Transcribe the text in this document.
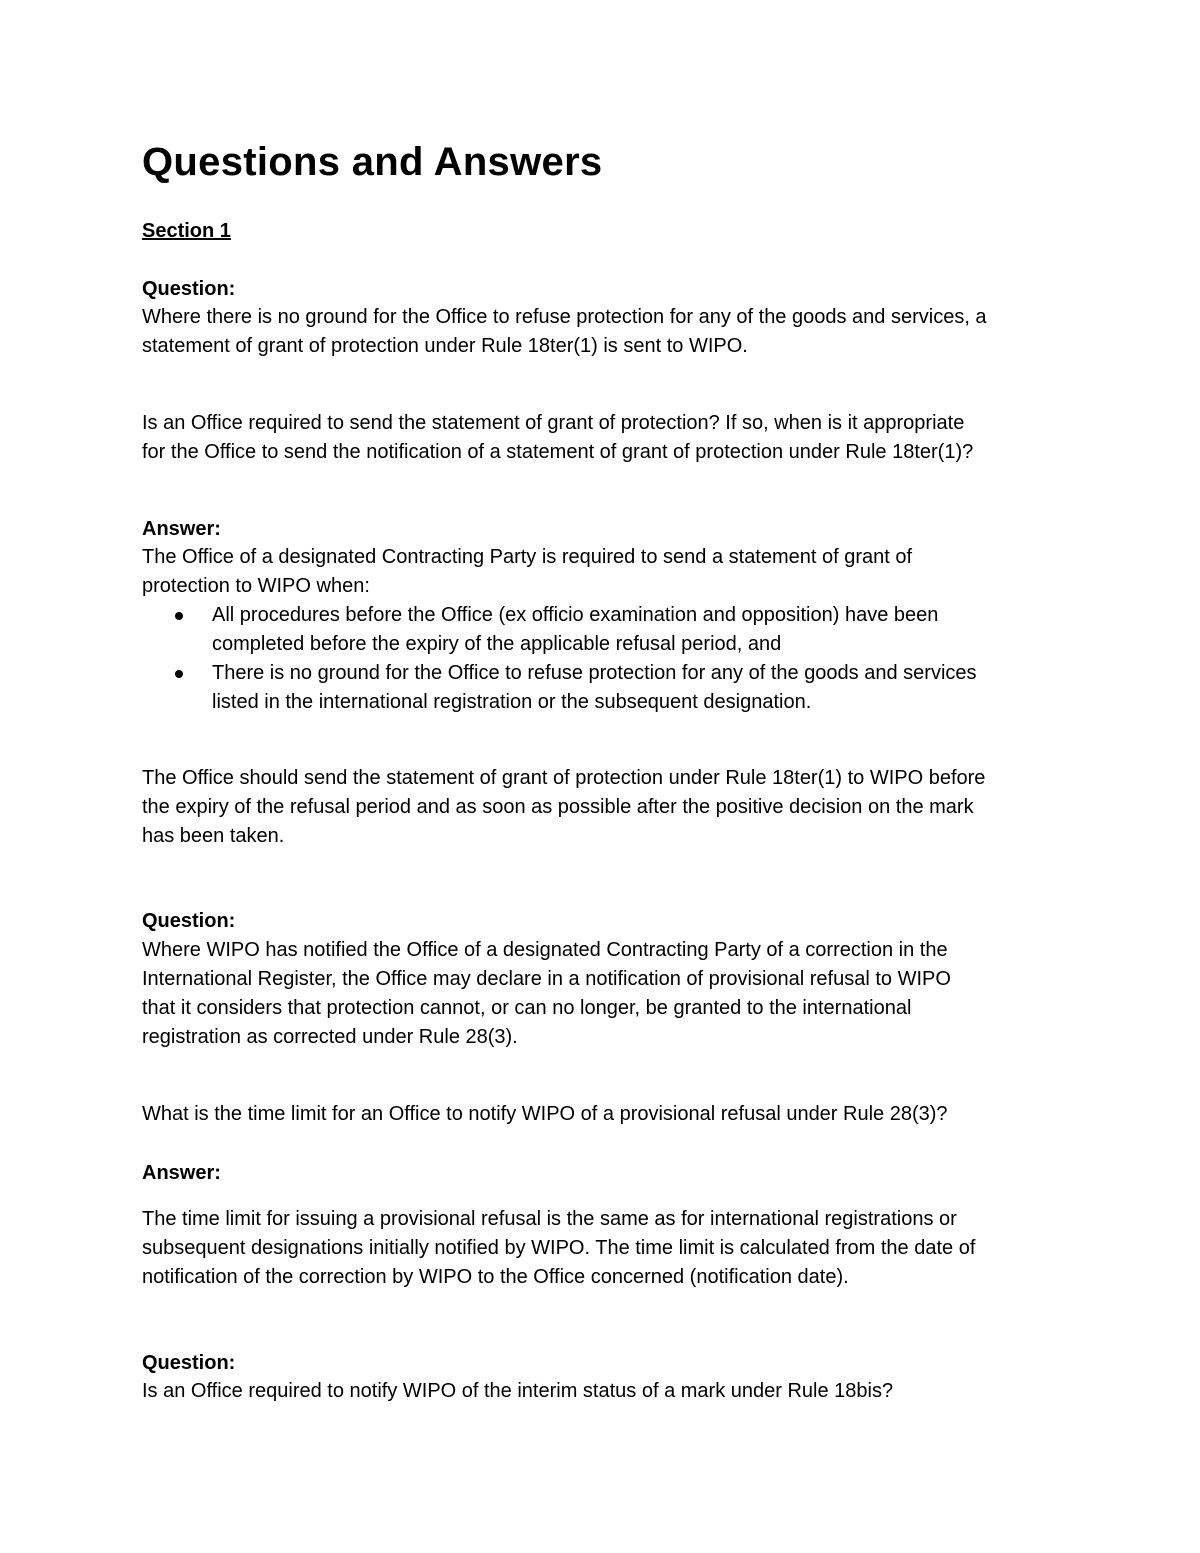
Questions and Answers
Section 1
Question:
Where there is no ground for the Office to refuse protection for any of the goods and services, a
statement of grant of protection under Rule 18ter(1) is sent to WIPO.
Is an Office required to send the statement of grant of protection? If so, when is it appropriate
for the Office to send the notification of a statement of grant of protection under Rule 18ter(1)?
Answer:
The Office of a designated Contracting Party is required to send a statement of grant of
protection to WIPO when:
All procedures before the Office (ex officio examination and opposition) have been
completed before the expiry of the applicable refusal period, and
There is no ground for the Office to refuse protection for any of the goods and services
listed in the international registration or the subsequent designation.
The Office should send the statement of grant of protection under Rule 18ter(1) to WIPO before
the expiry of the refusal period and as soon as possible after the positive decision on the mark
has been taken.
Question:
Where WIPO has notified the Office of a designated Contracting Party of a correction in the
International Register, the Office may declare in a notification of provisional refusal to WIPO
that it considers that protection cannot, or can no longer, be granted to the international
registration as corrected under Rule 28(3).
What is the time limit for an Office to notify WIPO of a provisional refusal under Rule 28(3)?
Answer:
The time limit for issuing a provisional refusal is the same as for international registrations or
subsequent designations initially notified by WIPO. The time limit is calculated from the date of
notification of the correction by WIPO to the Office concerned (notification date).
Question:
Is an Office required to notify WIPO of the interim status of a mark under Rule 18bis?
